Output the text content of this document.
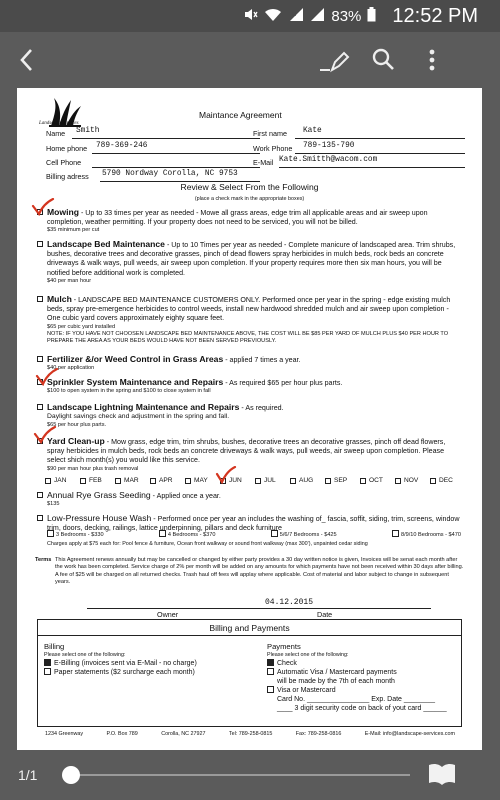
R 83% 12:52 PM
Landscape Services
Maintance Agreement
Name Smith	First name Kate
Home phone 789-369-246	Work Phone 789-135-790
Cell Phone	E-Mail Kate.Smitth@wacom.com
Billing adress 5790 Nordway Corolla, NC 9753
Review & Select From the Following
(place a check mark in the appropriate boxes)
Mowing - Up to 33 times per year as needed - Mowe all grass areas, edge trim all applicable areas and air sweep upon completion, weather permitting. If your property does not need to be serviced, you will not be billed.
$35 minimum per cut
Landscape Bed Maintenance - Up to 10 Times per year as needed - Complete manicure of landscaped area. Trim shrubs, bushes, decorative trees and decorative grasses, pinch of dead flowers spray herbicides in mulch beds, rock beds an concrete driveways & walk ways, pull weeds, air sweep upon completion. If your property requires more then six man hours, you will be notified before additional work is completed.
$40 per man hour
Mulch - LANDSCAPE BED MAINTENANCE CUSTOMERS ONLY. Performed once per year in the spring - edge existing mulch beds, spray pre-emergence herbicides to control weeds, install new hardwood shredded mulch and air sweep upon completion - One cubic yard covers approximately eighty square feet.
$65 per cubic yard installed
NOTE: IF YOU HAVE NOT CHOOSEN LANDSCAPE BED MAINTENANCE ABOVE, THE COST WILL BE $85 PER YARD OF MULCH PLUS $40 PER HOUR TO PREPARE THE AREA AS YOUR BEDS WOULD HAVE NOT BEEN SERVED PREVIOUSLY.
Fertilizer &/or Weed Control in Grass Areas - applied 7 times a year.
$40 per application
Sprinkler System Maintenance and Repairs - As required $65 per hour plus parts.
$100 to open system in the spring and $100 to close system in fall
Landscape Lightning Maintenance and Repairs - As required.
Daylight savings check and adjustment in the spring and fall.
$65 per hour plus parts.
Yard Clean-up - Mow grass, edge trim, trim shrubs, bushes, decorative trees an decorative grasses, pinch off dead flowers, spray herbicides in mulch beds, rock beds an concrete driveways & walk ways, pull weeds, air sweep upon completion. Please select shich month(s) you would like this service.
$90 per man hour plus trash removal
JAN	FEB	MAR	APR	MAY	JUN	JUL	AUG	SEP	OCT	NOV	DEC
Annual Rye Grass Seeding - Applied once a year.
$135
Low-Pressure House Wash - Performed once per year an includes the washing of_ fascia, soffit, siding, trim, screens, window trim, doors, decking, railings, lattice underpinning, pillars and deck furniture
3 Bedrooms - $330	4 Bedrooms - $370	5/6/7 Bedrooms - $425	8/9/10 Bedrooms - $470
Charges apply at $75 each for: Pool fence & furniture, Ocean front walkway or sound front walkway (max 300'), unpainted cedar siding
Terms This Agreement renews annually but may be cancelled or changed by either party provides a 30 day written notice is given, Invoices will be senat each month after the work has been completed. Service charge of 2% per month will be added on any amounts for which payments have not been received within 30 days after billing. A fee of $25 will be charged on all returned checks. Trash haul off fees will applay where applicable. Cost of material and labor subject to change in subsequent years.

04.12.2015
Owner	Date
Billing and Payments
Billing
Please select one of the following:
E-Billing (invoices sent via E-Mail - no charge)
Paper statements ($2 surcharge each month)
Payments
Please select one of the following:
Check
Automatic Visa / Mastercard payments
will be made by the 7th of each month
Visa or Mastercard
Card No. ________________ Exp. Date ________
____ 3 digit security code on back of yout card ______
1234 Greenway	P.O. Box 789	Corolla, NC 27927	Tel: 789-258-0815	Fax: 789-258-0816	E-Mail: info@landscape-services.com
1/1
